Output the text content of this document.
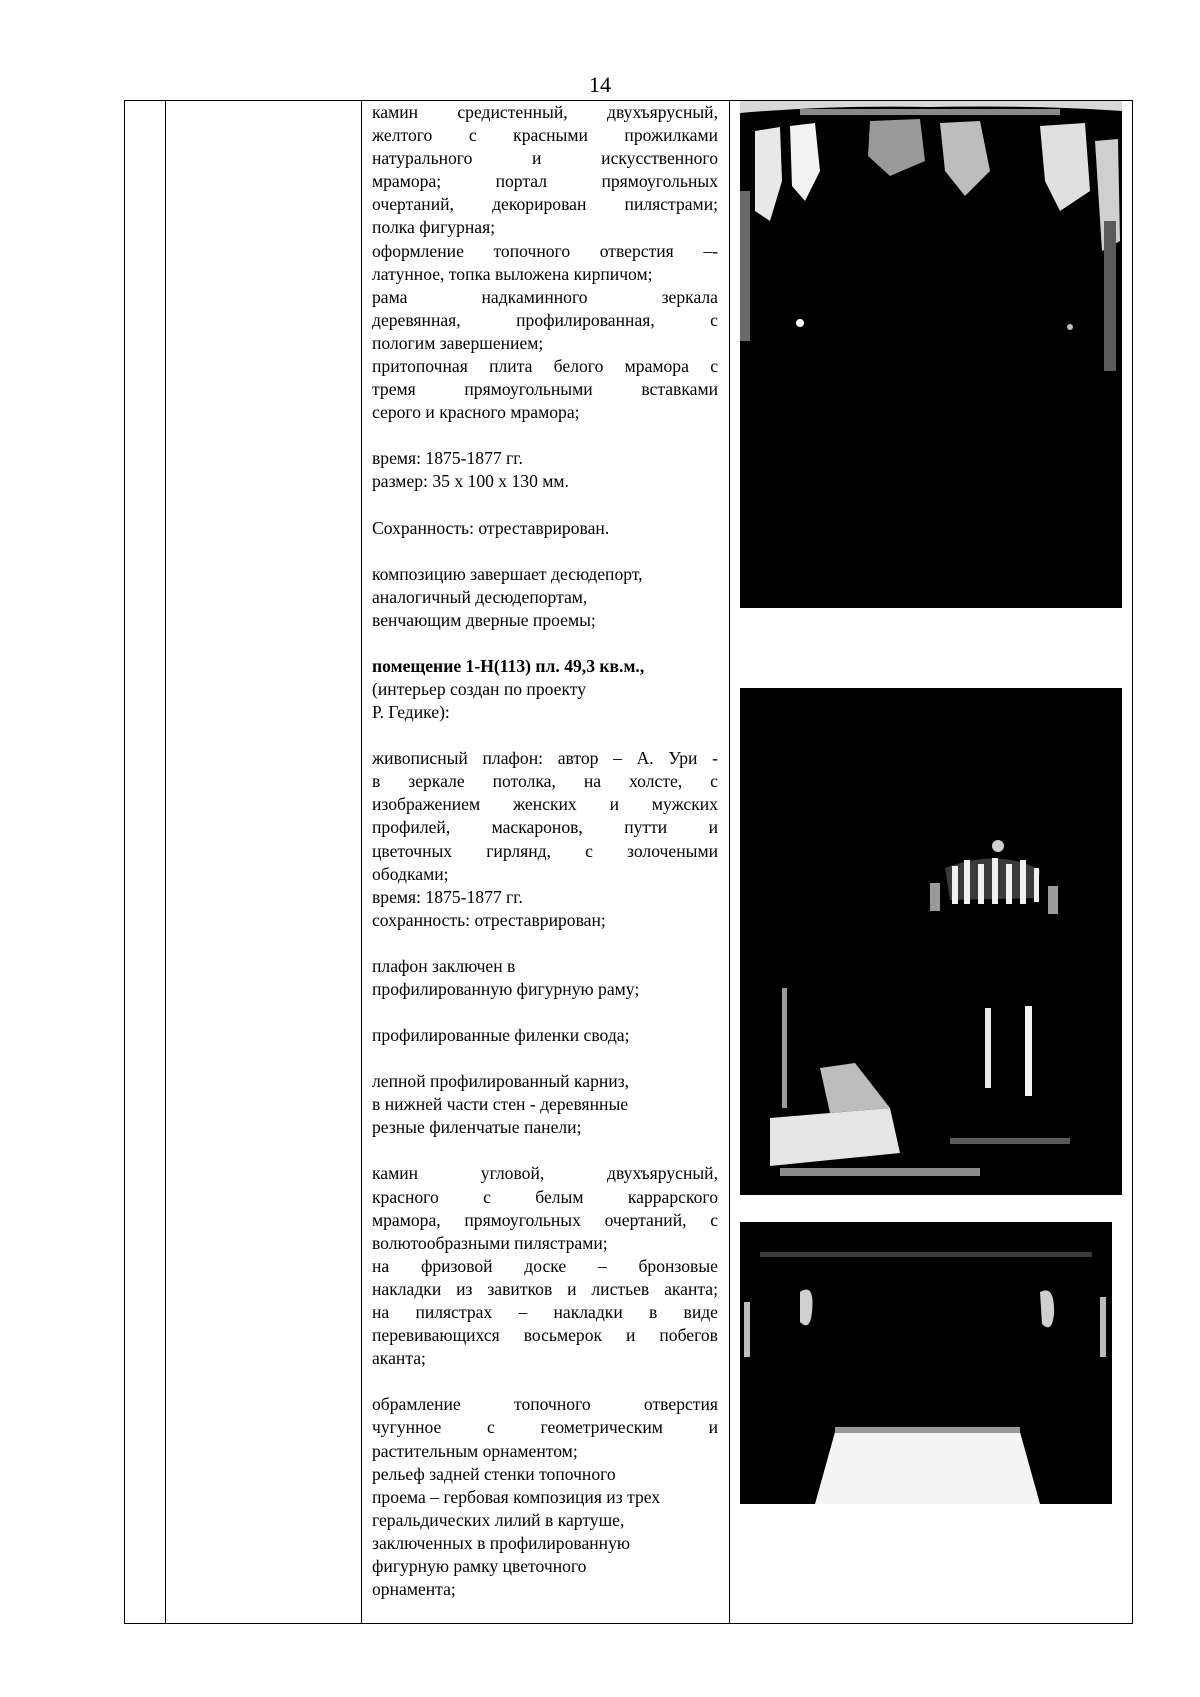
14
камин средистенный, двухъярусный,
желтого с красными прожилками
натурального и искусственного
мрамора; портал прямоугольных
очертаний, декорирован пилястрами;
полка фигурная;
оформление топочного отверстия –-
латунное, топка выложена кирпичом;
рама надкаминного зеркала
деревянная, профилированная, с
пологим завершением;
притопочная плита белого мрамора с
тремя прямоугольными вставками
серого и красного мрамора;
время: 1875-1877 гг.
размер: 35 х 100 х 130 мм.
Сохранность: отреставрирован.
композицию завершает десюдепорт,
аналогичный десюдепортам,
венчающим дверные проемы;
помещение 1-Н(113) пл. 49,3 кв.м.,
(интерьер создан по проекту
Р. Гедике):
живописный плафон: автор – А. Ури -
в зеркале потолка, на холсте, с
изображением женских и мужских
профилей, маскаронов, путти и
цветочных гирлянд, с золочеными
ободками;
время: 1875-1877 гг.
сохранность: отреставрирован;
плафон заключен в
профилированную фигурную раму;
профилированные филенки свода;
лепной профилированный карниз,
в нижней части стен - деревянные
резные филенчатые панели;
камин угловой, двухъярусный,
красного с белым каррарского
мрамора, прямоугольных очертаний, с
волютообразными пилястрами;
на фризовой доске – бронзовые
накладки из завитков и листьев аканта;
на пилястрах – накладки в виде
перевивающихся восьмерок и побегов
аканта;
обрамление топочного отверстия
чугунное с геометрическим и
растительным орнаментом;
рельеф задней стенки топочного
проема – гербовая композиция из трех
геральдических лилий в картуше,
заключенных в профилированную
фигурную рамку цветочного
орнамента;
